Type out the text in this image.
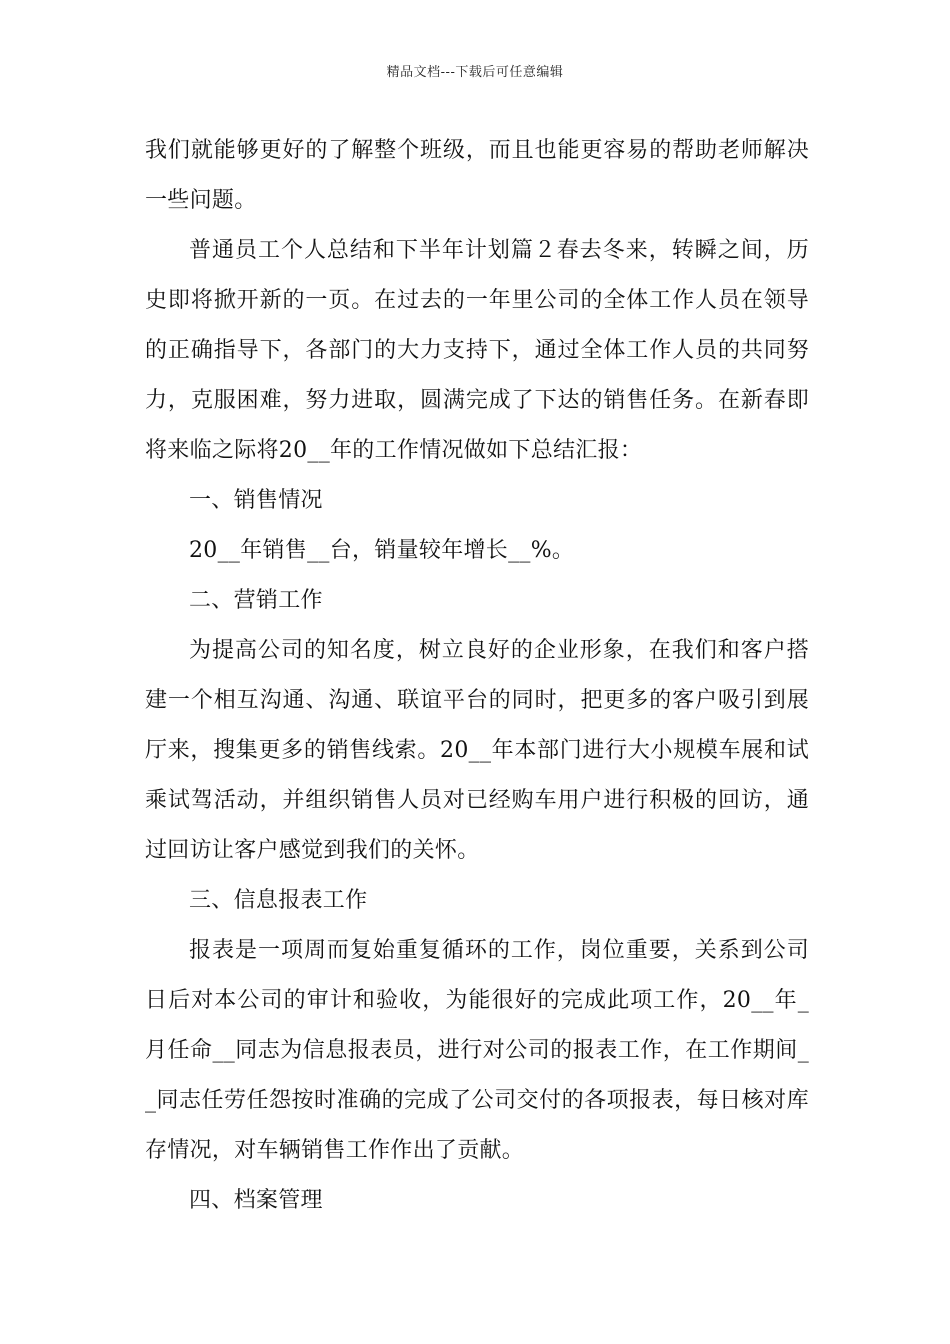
精品文档---下载后可任意编辑

我们就能够更好的了解整个班级，而且也能更容易的帮助老师解决一些问题。

普通员工个人总结和下半年计划篇２春去冬来，转瞬之间，历史即将掀开新的一页。在过去的一年里公司的全体工作人员在领导的正确指导下，各部门的大力支持下，通过全体工作人员的共同努力，克服困难，努力进取，圆满完成了下达的销售任务。在新春即将来临之际将20__年的工作情况做如下总结汇报：

一、销售情况

20__年销售__台，销量较年增长__%。

二、营销工作

为提高公司的知名度，树立良好的企业形象，在我们和客户搭建一个相互沟通、沟通、联谊平台的同时，把更多的客户吸引到展厅来，搜集更多的销售线索。20__年本部门进行大小规模车展和试乘试驾活动，并组织销售人员对已经购车用户进行积极的回访，通过回访让客户感觉到我们的关怀。

三、信息报表工作

报表是一项周而复始重复循环的工作，岗位重要，关系到公司日后对本公司的审计和验收，为能很好的完成此项工作，20__年_月任命__同志为信息报表员，进行对公司的报表工作，在工作期间__同志任劳任怨按时准确的完成了公司交付的各项报表，每日核对库存情况，对车辆销售工作作出了贡献。

四、档案管理
